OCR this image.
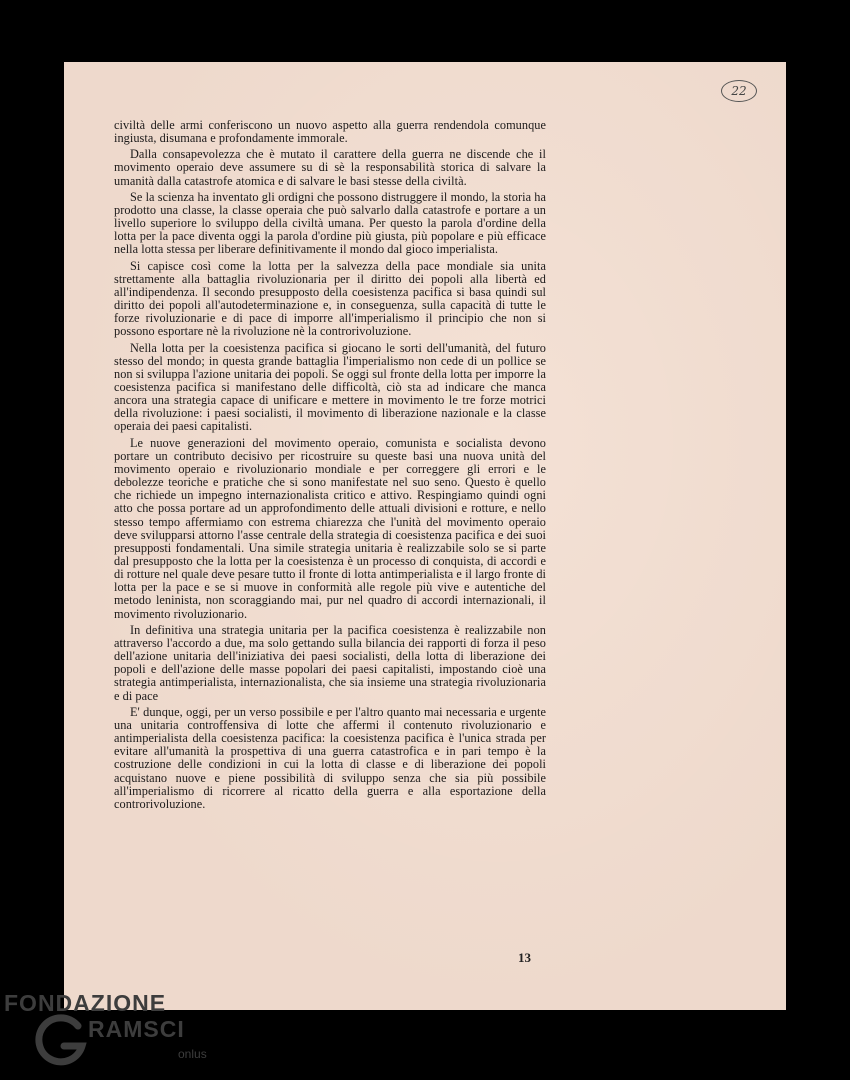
22

civiltà delle armi conferiscono un nuovo aspetto alla guerra rendendola comunque ingiusta, disumana e profondamente immorale.

Dalla consapevolezza che è mutato il carattere della guerra ne discende che il movimento operaio deve assumere su di sè la responsabilità storica di salvare la umanità dalla catastrofe atomica e di salvare le basi stesse della civiltà.

Se la scienza ha inventato gli ordigni che possono distruggere il mondo, la storia ha prodotto una classe, la classe operaia che può salvarlo dalla catastrofe e portare a un livello superiore lo sviluppo della civiltà umana. Per questo la parola d'ordine della lotta per la pace diventa oggi la parola d'ordine più giusta, più popolare e più efficace nella lotta stessa per liberare definitivamente il mondo dal gioco imperialista.

Si capisce così come la lotta per la salvezza della pace mondiale sia unita strettamente alla battaglia rivoluzionaria per il diritto dei popoli alla libertà ed all'indipendenza. Il secondo presupposto della coesistenza pacifica si basa quindi sul diritto dei popoli all'autodeterminazione e, in conseguenza, sulla capacità di tutte le forze rivoluzionarie e di pace di imporre all'imperialismo il principio che non si possono esportare nè la rivoluzione nè la controrivoluzione.

Nella lotta per la coesistenza pacifica si giocano le sorti dell'umanità, del futuro stesso del mondo; in questa grande battaglia l'imperialismo non cede di un pollice se non si sviluppa l'azione unitaria dei popoli. Se oggi sul fronte della lotta per imporre la coesistenza pacifica si manifestano delle difficoltà, ciò sta ad indicare che manca ancora una strategia capace di unificare e mettere in movimento le tre forze motrici della rivoluzione: i paesi socialisti, il movimento di liberazione nazionale e la classe operaia dei paesi capitalisti.

Le nuove generazioni del movimento operaio, comunista e socialista devono portare un contributo decisivo per ricostruire su queste basi una nuova unità del movimento operaio e rivoluzionario mondiale e per correggere gli errori e le debolezze teoriche e pratiche che si sono manifestate nel suo seno. Questo è quello che richiede un impegno internazionalista critico e attivo. Respingiamo quindi ogni atto che possa portare ad un approfondimento delle attuali divisioni e rotture, e nello stesso tempo affermiamo con estrema chiarezza che l'unità del movimento operaio deve svilupparsi attorno l'asse centrale della strategia di coesistenza pacifica e dei suoi presupposti fondamentali. Una simile strategia unitaria è realizzabile solo se si parte dal presupposto che la lotta per la coesistenza è un processo di conquista, di accordi e di rotture nel quale deve pesare tutto il fronte di lotta antimperialista e il largo fronte di lotta per la pace e se si muove in conformità alle regole più vive e autentiche del metodo leninista, non scoraggiando mai, pur nel quadro di accordi internazionali, il movimento rivoluzionario.

In definitiva una strategia unitaria per la pacifica coesistenza è realizzabile non attraverso l'accordo a due, ma solo gettando sulla bilancia dei rapporti di forza il peso dell'azione unitaria dell'iniziativa dei paesi socialisti, della lotta di liberazione dei popoli e dell'azione delle masse popolari dei paesi capitalisti, impostando cioè una strategia antimperialista, internazionalista, che sia insieme una strategia rivoluzionaria e di pace

E' dunque, oggi, per un verso possibile e per l'altro quanto mai necessaria e urgente una unitaria controffensiva di lotte che affermi il contenuto rivoluzionario e antimperialista della coesistenza pacifica: la coesistenza pacifica è l'unica strada per evitare all'umanità la prospettiva di una guerra catastrofica e in pari tempo è la costruzione delle condizioni in cui la lotta di classe e di liberazione dei popoli acquistano nuove e piene possibilità di sviluppo senza che sia più possibile all'imperialismo di ricorrere al ricatto della guerra e alla esportazione della controrivoluzione.

13
FONDAZIONE
RAMSCI
onlus
